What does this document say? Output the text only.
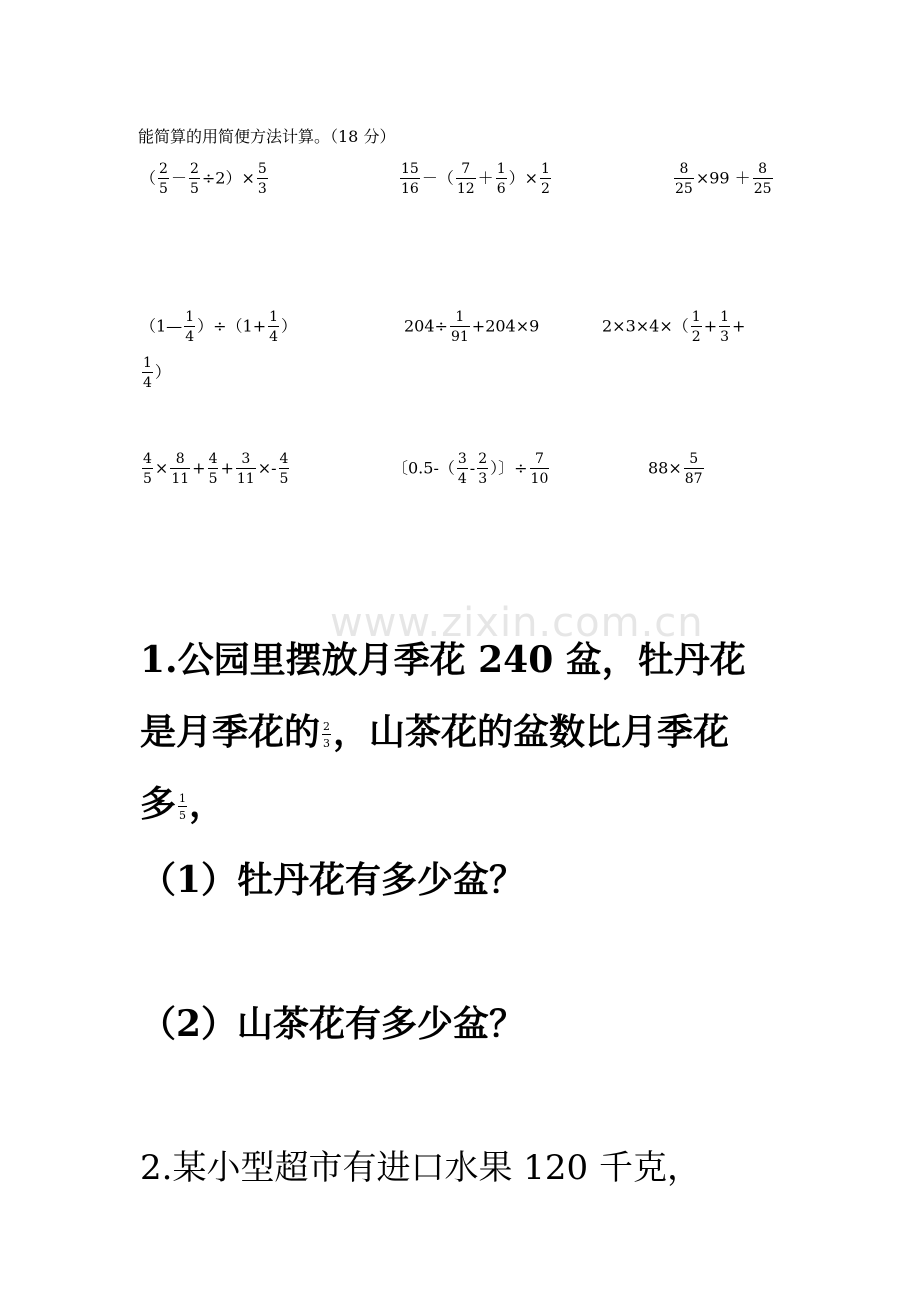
www.zixin.com.cn
能简算的用简便方法计算。（18 分）
（ $\frac{2}{5} - \frac{2}{5} \div 2)\times \frac{5}{3}$	$\frac{15}{16}$ －（ $\frac{7}{12} + \frac{1}{6}$ ）× $\frac{1}{2}$	$\frac{8}{25} \times 99 + \frac{8}{25}$
（1— $\frac{1}{4} )\div(1+ \frac{1}{4}$ ）	$204\div \frac{1}{91} +204\times 9$	$2\times 3\times 4\times( \frac{1}{2} + \frac{1}{3}$ +
$\frac{1}{4}$ ）
$\frac{4}{5} \times \frac{8}{11} + \frac{4}{5} + \frac{3}{11} \times- \frac{4}{5}$	〔$0.5-( \frac{3}{4} - \frac{2}{3}$ ）〕÷ $\frac{7}{10}$	$88\times \frac{5}{87}$
1.公园里摆放月季花 240 盆，牡丹花
是月季花的 $\frac{2}{3}$ ，山茶花的盆数比月季花
多 $\frac{1}{5}$ ，
（1）牡丹花有多少盆？
（2）山茶花有多少盆？
2.某小型超市有进口水果 120 千克，
